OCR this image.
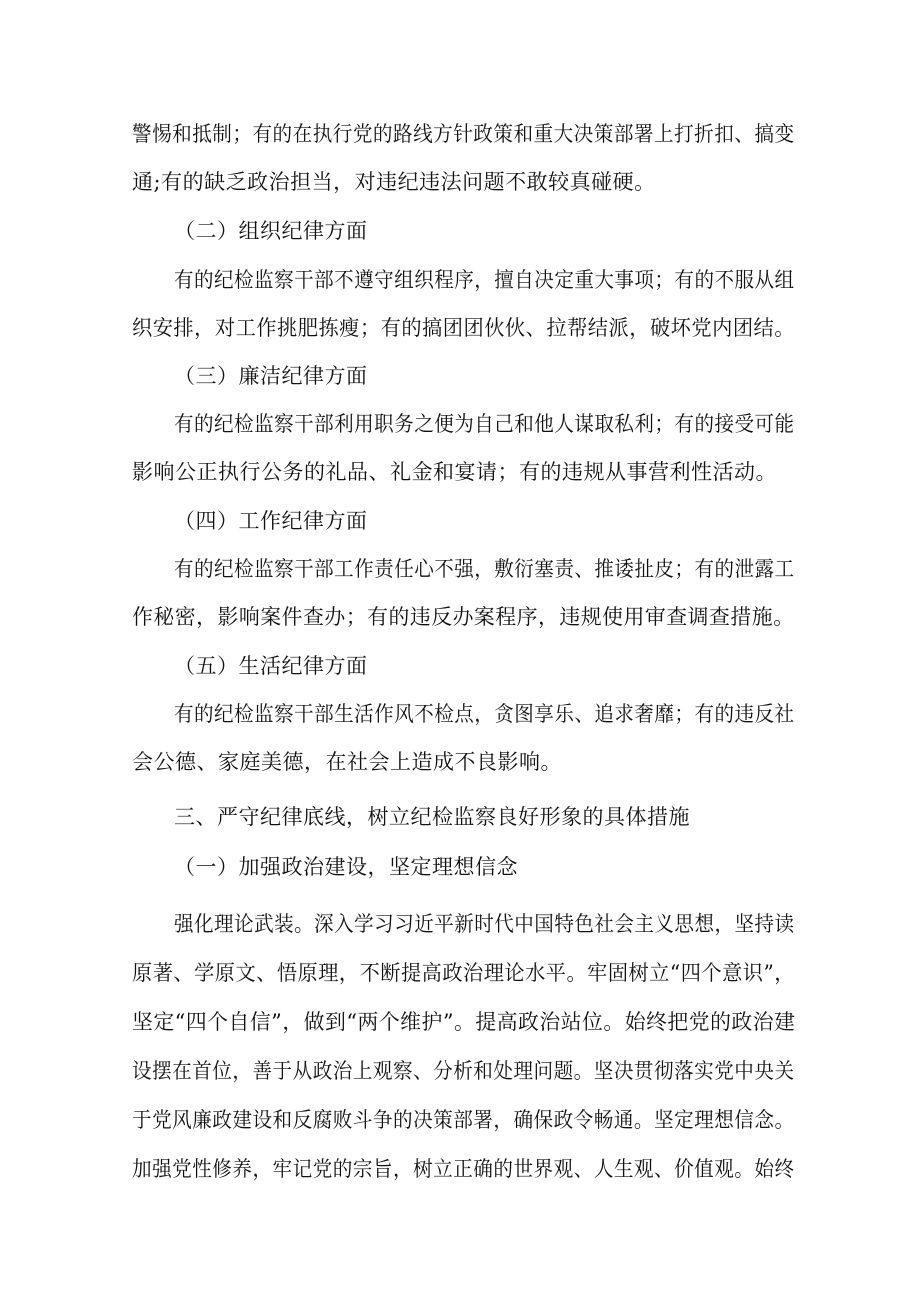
警惕和抵制；有的在执行党的路线方针政策和重大决策部署上打折扣、搞变
通;有的缺乏政治担当，对违纪违法问题不敢较真碰硬。
（二）组织纪律方面
有的纪检监察干部不遵守组织程序，擅自决定重大事项；有的不服从组
织安排，对工作挑肥拣瘦；有的搞团团伙伙、拉帮结派，破坏党内团结。
（三）廉洁纪律方面
有的纪检监察干部利用职务之便为自己和他人谋取私利；有的接受可能
影响公正执行公务的礼品、礼金和宴请；有的违规从事营利性活动。
（四）工作纪律方面
有的纪检监察干部工作责任心不强，敷衍塞责、推诿扯皮；有的泄露工
作秘密，影响案件查办；有的违反办案程序，违规使用审查调查措施。
（五）生活纪律方面
有的纪检监察干部生活作风不检点，贪图享乐、追求奢靡；有的违反社
会公德、家庭美德，在社会上造成不良影响。
三、严守纪律底线，树立纪检监察良好形象的具体措施
（一）加强政治建设，坚定理想信念
强化理论武装。深入学习习近平新时代中国特色社会主义思想，坚持读
原著、学原文、悟原理，不断提高政治理论水平。牢固树立“四个意识”，
坚定“四个自信”，做到“两个维护”。提高政治站位。始终把党的政治建
设摆在首位，善于从政治上观察、分析和处理问题。坚决贯彻落实党中央关
于党风廉政建设和反腐败斗争的决策部署，确保政令畅通。坚定理想信念。
加强党性修养，牢记党的宗旨，树立正确的世界观、人生观、价值观。始终
